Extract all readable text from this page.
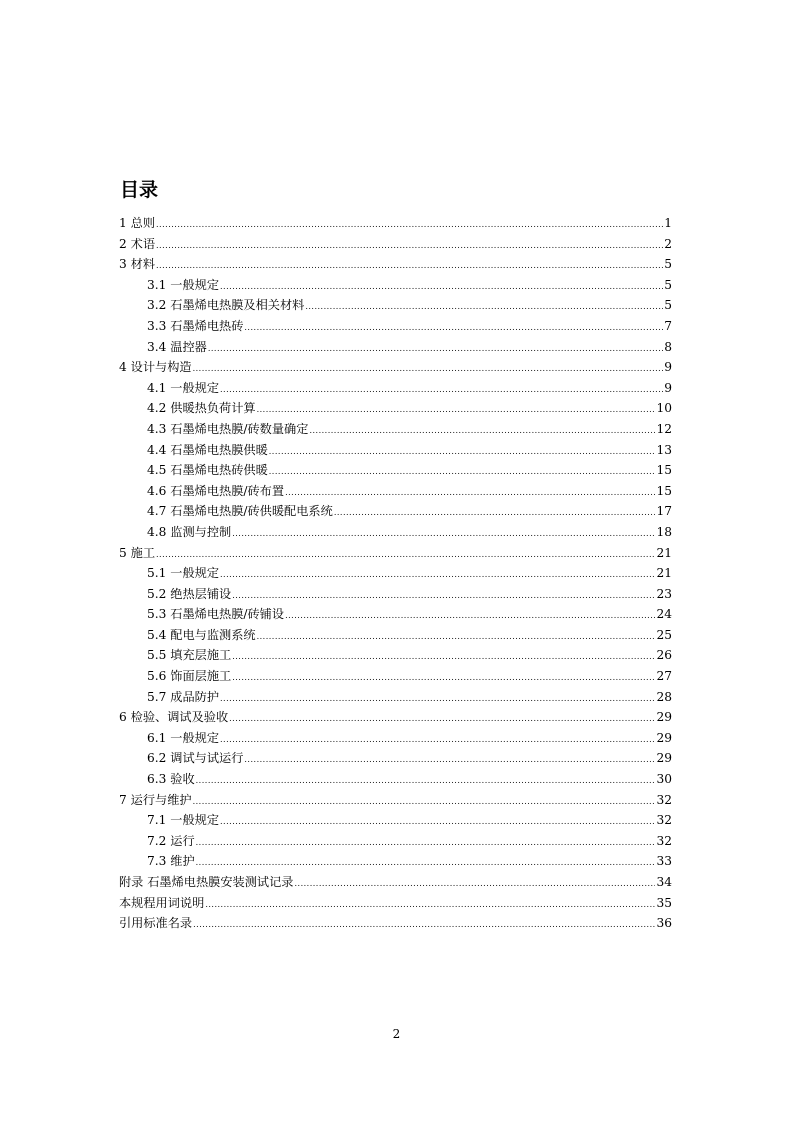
目录
1 总则 .....	1
2 术语 .....	2
3 材料 .....	5
3.1 一般规定 .....	5
3.2 石墨烯电热膜及相关材料 .....	5
3.3 石墨烯电热砖 .....	7
3.4 温控器 .....	8
4 设计与构造 .....	9
4.1 一般规定 .....	9
4.2 供暖热负荷计算 .....	10
4.3 石墨烯电热膜/砖数量确定 .....	12
4.4 石墨烯电热膜供暖 .....	13
4.5 石墨烯电热砖供暖 .....	15
4.6 石墨烯电热膜/砖布置 .....	15
4.7 石墨烯电热膜/砖供暖配电系统 .....	17
4.8 监测与控制 .....	18
5 施工 .....	21
5.1 一般规定 .....	21
5.2 绝热层铺设 .....	23
5.3 石墨烯电热膜/砖铺设 .....	24
5.4 配电与监测系统 .....	25
5.5 填充层施工 .....	26
5.6 饰面层施工 .....	27
5.7 成品防护 .....	28
6 检验、调试及验收 .....	29
6.1 一般规定 .....	29
6.2 调试与试运行 .....	29
6.3 验收 .....	30
7 运行与维护 .....	32
7.1 一般规定 .....	32
7.2 运行 .....	32
7.3 维护 .....	33
附录 石墨烯电热膜安装测试记录 .....	34
本规程用词说明 .....	35
引用标准名录 .....	36
2
